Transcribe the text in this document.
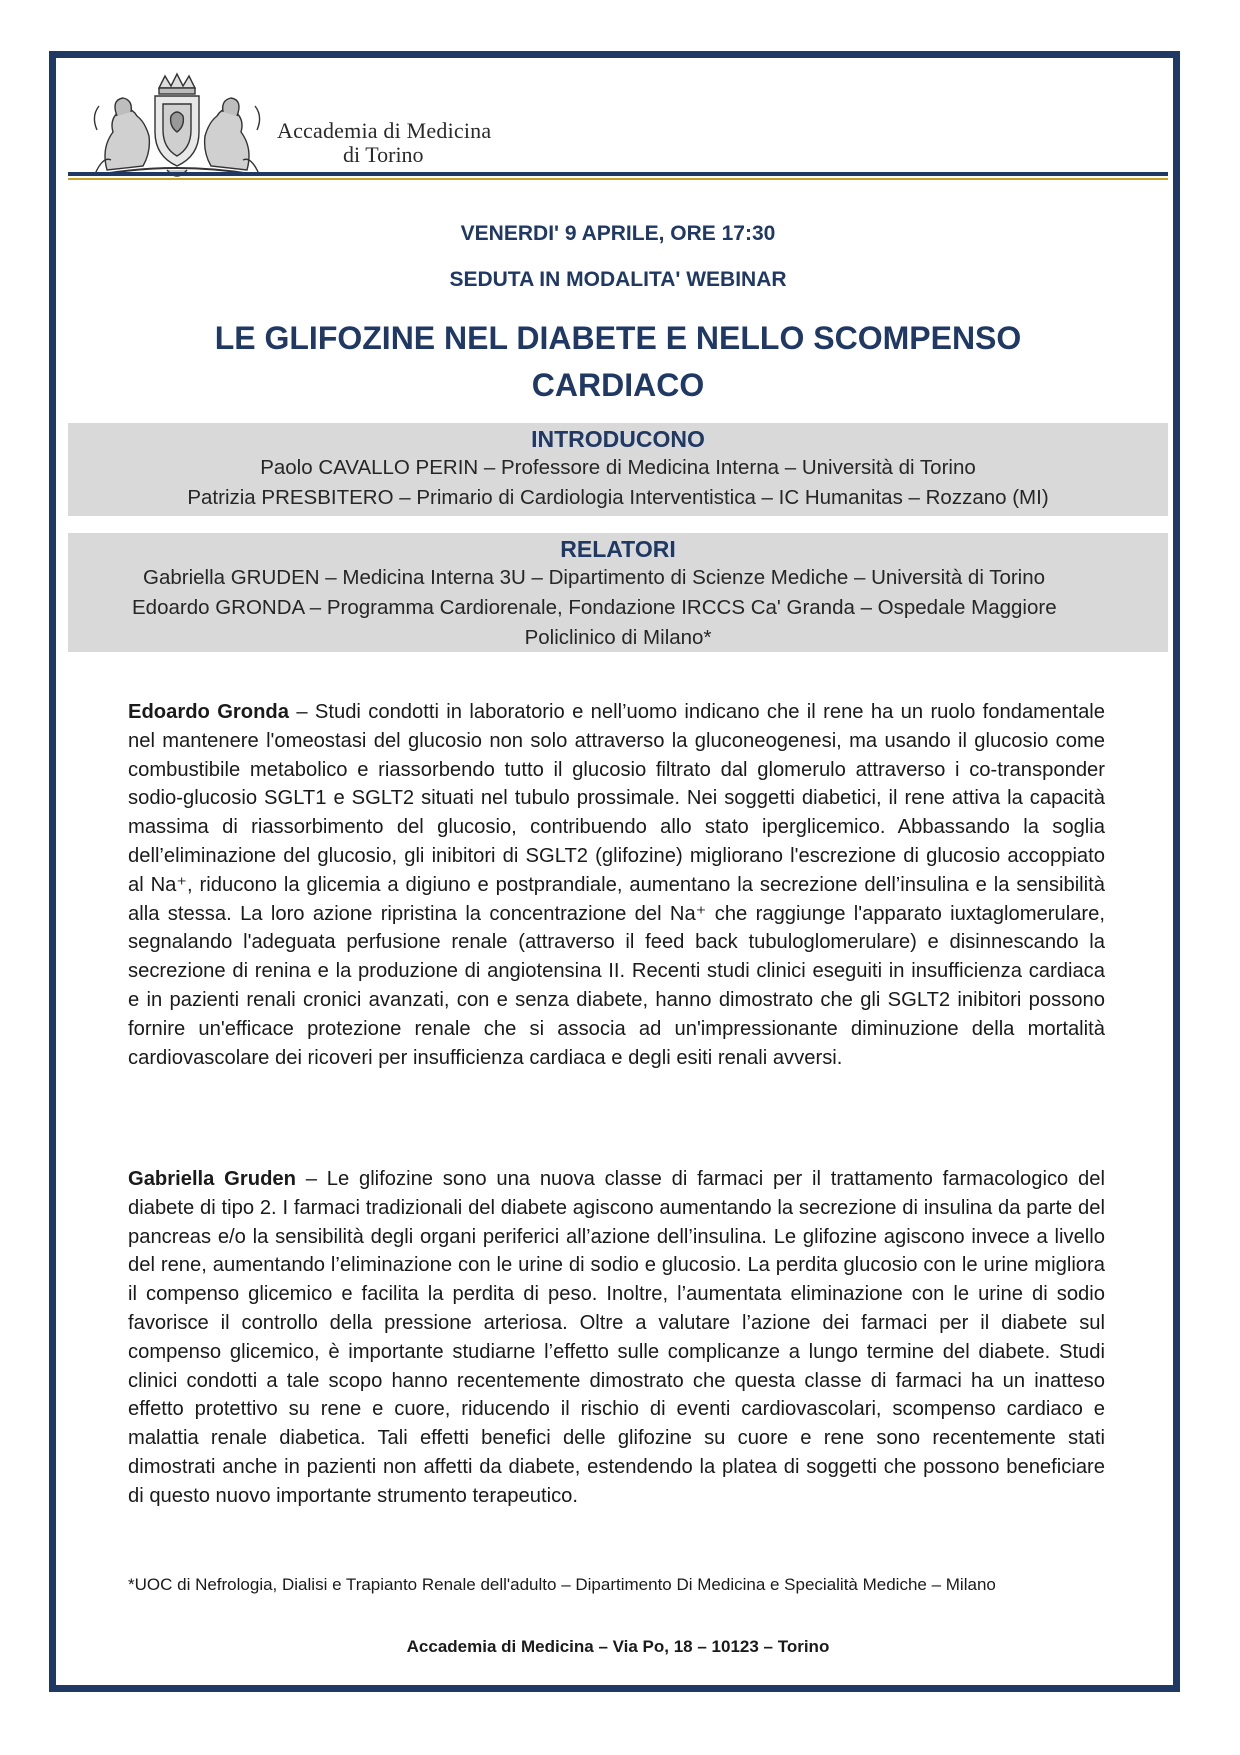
Accademia di Medicina
di Torino
VENERDI' 9 APRILE, ORE 17:30
SEDUTA IN MODALITA' WEBINAR
LE GLIFOZINE NEL DIABETE E NELLO SCOMPENSO
CARDIACO
INTRODUCONO
Paolo CAVALLO PERIN – Professore di Medicina Interna – Università di Torino
Patrizia PRESBITERO – Primario di Cardiologia Interventistica – IC Humanitas – Rozzano (MI)
RELATORI
Gabriella GRUDEN – Medicina Interna 3U – Dipartimento di Scienze Mediche – Università di Torino
Edoardo GRONDA – Programma Cardiorenale, Fondazione IRCCS Ca' Granda – Ospedale Maggiore
Policlinico di Milano*
Edoardo Gronda – Studi condotti in laboratorio e nell’uomo indicano che il rene ha un ruolo fondamentale nel mantenere l'omeostasi del glucosio non solo attraverso la gluconeogenesi, ma usando il glucosio come combustibile metabolico e riassorbendo tutto il glucosio filtrato dal glomerulo attraverso i co-transponder sodio-glucosio SGLT1 e SGLT2 situati nel tubulo prossimale. Nei soggetti diabetici, il rene attiva la capacità massima di riassorbimento del glucosio, contribuendo allo stato iperglicemico. Abbassando la soglia dell’eliminazione del glucosio, gli inibitori di SGLT2 (glifozine) migliorano l'escrezione di glucosio accoppiato al Na⁺, riducono la glicemia a digiuno e postprandiale, aumentano la secrezione dell’insulina e la sensibilità alla stessa. La loro azione ripristina la concentrazione del Na⁺ che raggiunge l'apparato iuxtaglomerulare, segnalando l'adeguata perfusione renale (attraverso il feed back tubuloglomerulare) e disinnescando la secrezione di renina e la produzione di angiotensina II. Recenti studi clinici eseguiti in insufficienza cardiaca e in pazienti renali cronici avanzati, con e senza diabete, hanno dimostrato che gli SGLT2 inibitori possono fornire un'efficace protezione renale che si associa ad un'impressionante diminuzione della mortalità cardiovascolare dei ricoveri per insufficienza cardiaca e degli esiti renali avversi.
Gabriella Gruden – Le glifozine sono una nuova classe di farmaci per il trattamento farmacologico del diabete di tipo 2. I farmaci tradizionali del diabete agiscono aumentando la secrezione di insulina da parte del pancreas e/o la sensibilità degli organi periferici all’azione dell’insulina. Le glifozine agiscono invece a livello del rene, aumentando l’eliminazione con le urine di sodio e glucosio. La perdita glucosio con le urine migliora il compenso glicemico e facilita la perdita di peso. Inoltre, l’aumentata eliminazione con le urine di sodio favorisce il controllo della pressione arteriosa. Oltre a valutare l’azione dei farmaci per il diabete sul compenso glicemico, è importante studiarne l’effetto sulle complicanze a lungo termine del diabete. Studi clinici condotti a tale scopo hanno recentemente dimostrato che questa classe di farmaci ha un inatteso effetto protettivo su rene e cuore, riducendo il rischio di eventi cardiovascolari, scompenso cardiaco e malattia renale diabetica. Tali effetti benefici delle glifozine su cuore e rene sono recentemente stati dimostrati anche in pazienti non affetti da diabete, estendendo la platea di soggetti che possono beneficiare di questo nuovo importante strumento terapeutico.
*UOC di Nefrologia, Dialisi e Trapianto Renale dell'adulto – Dipartimento Di Medicina e Specialità Mediche – Milano
Accademia di Medicina – Via Po, 18 – 10123 – Torino
